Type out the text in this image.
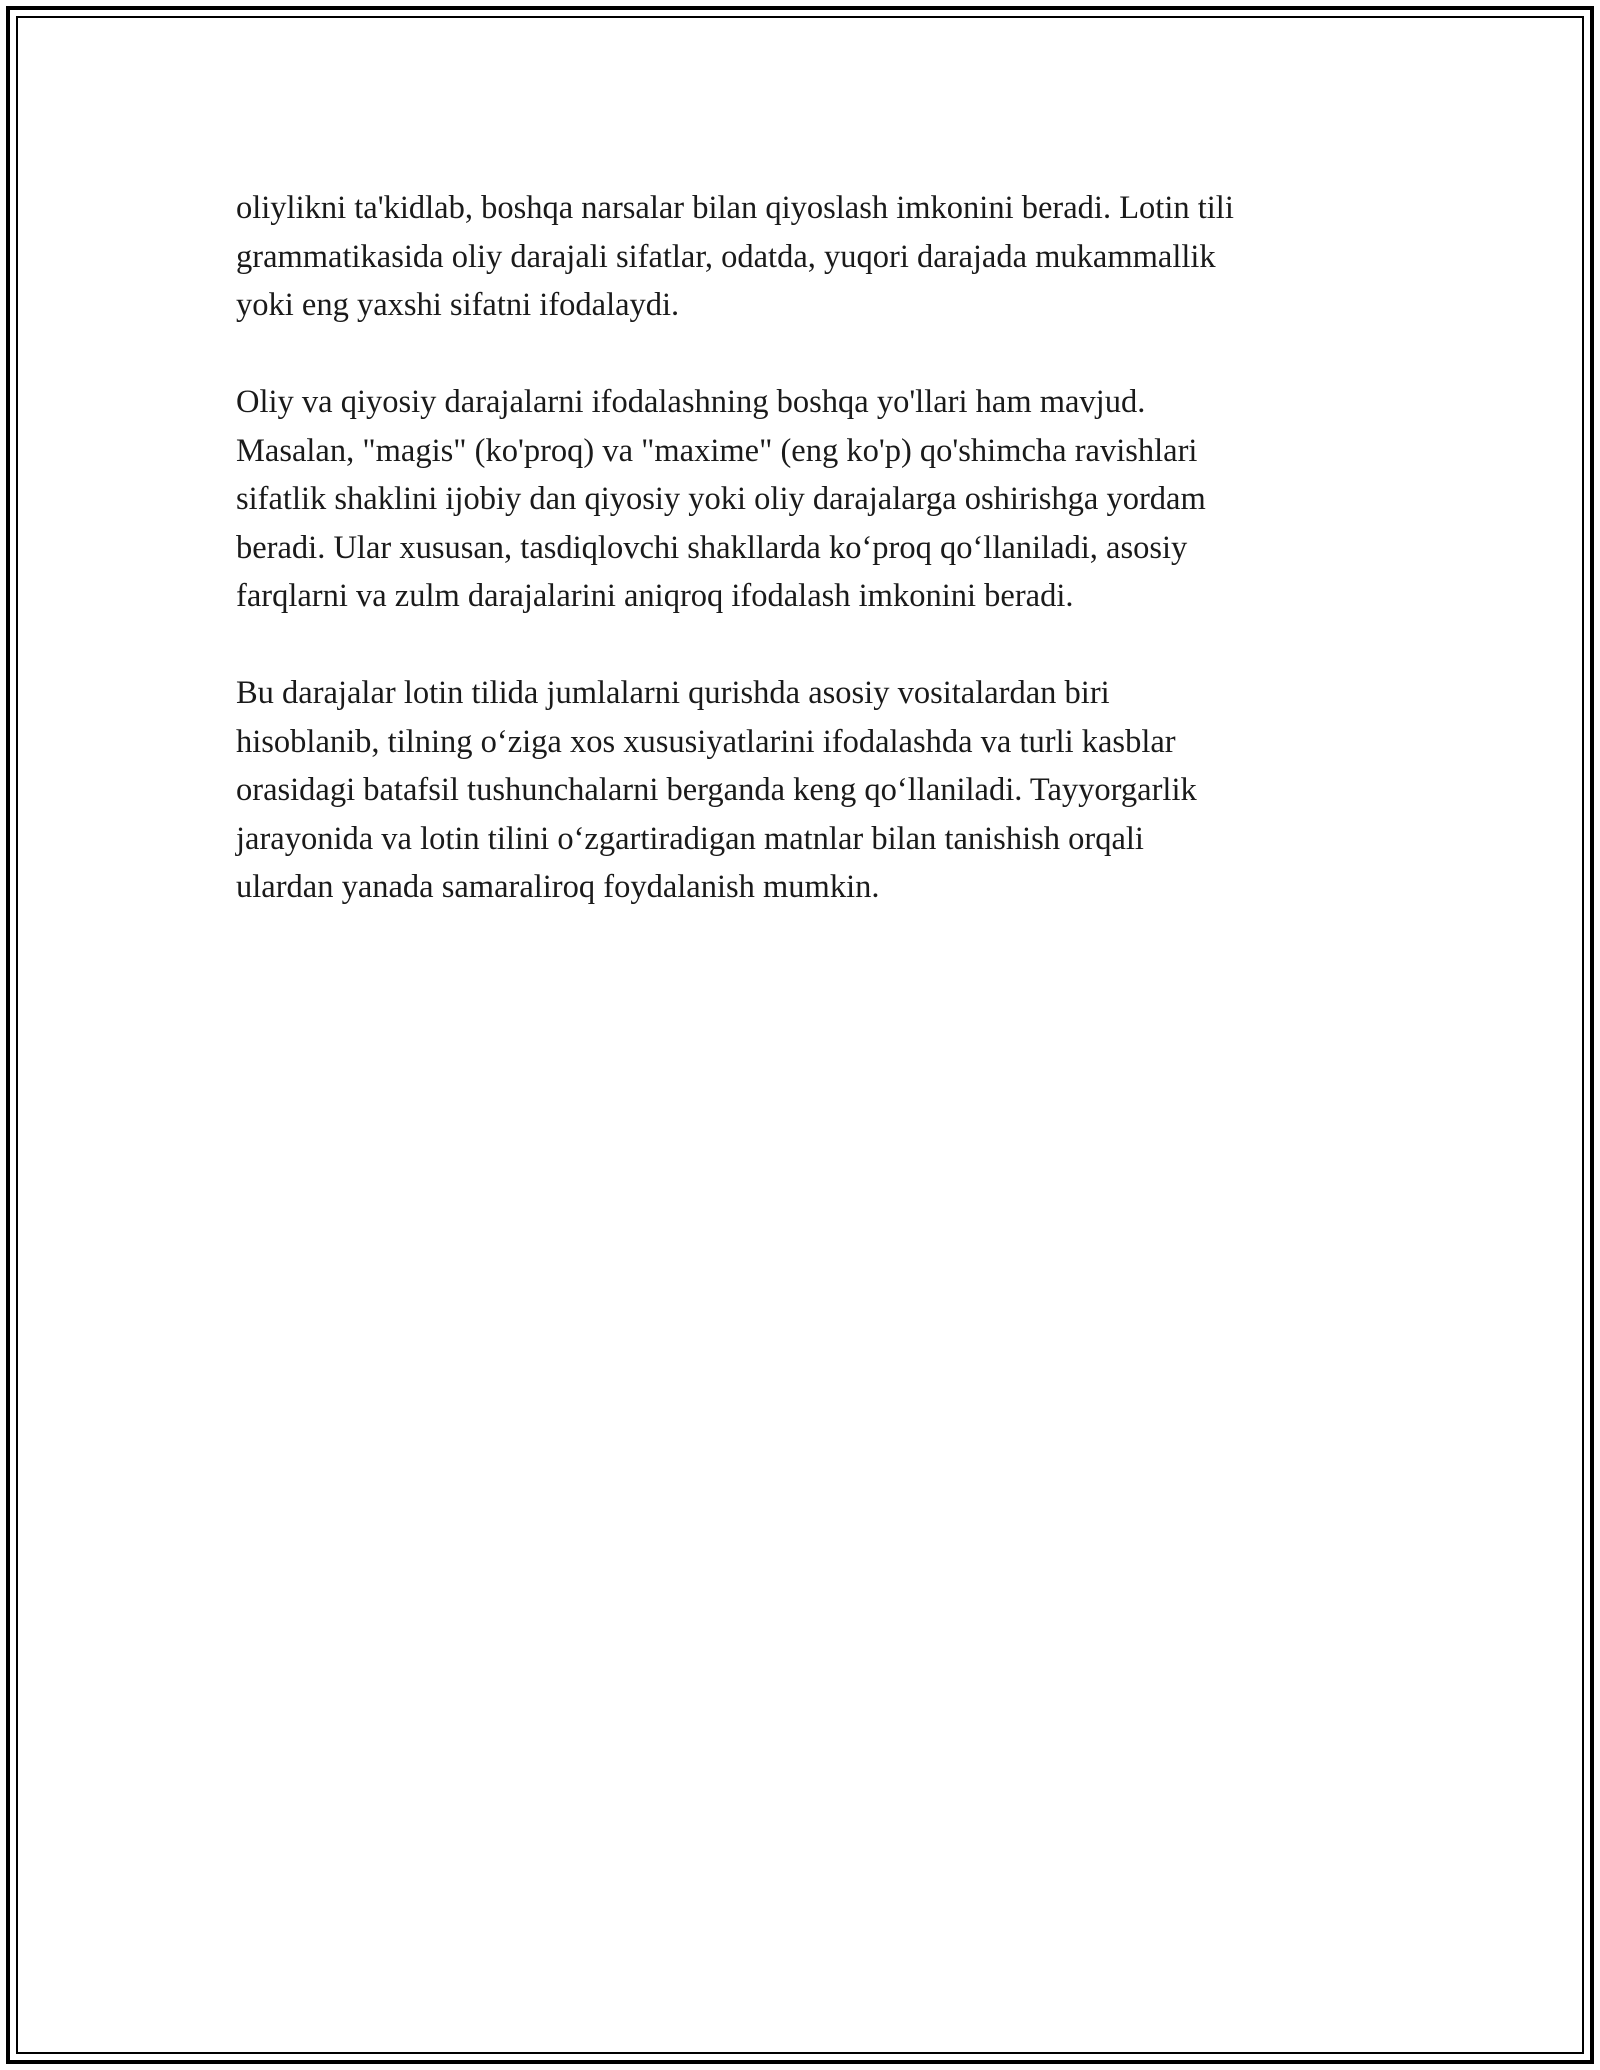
oliylikni ta'kidlab, boshqa narsalar bilan qiyoslash imkonini beradi. Lotin tili
grammatikasida oliy darajali sifatlar, odatda, yuqori darajada mukammallik
yoki eng yaxshi sifatni ifodalaydi.

Oliy va qiyosiy darajalarni ifodalashning boshqa yo'llari ham mavjud.
Masalan, "magis" (ko'proq) va "maxime" (eng ko'p) qo'shimcha ravishlari
sifatlik shaklini ijobiy dan qiyosiy yoki oliy darajalarga oshirishga yordam
beradi. Ular xususan, tasdiqlovchi shakllarda koʻproq qoʻllaniladi, asosiy
farqlarni va zulm darajalarini aniqroq ifodalash imkonini beradi.

Bu darajalar lotin tilida jumlalarni qurishda asosiy vositalardan biri
hisoblanib, tilning oʻziga xos xususiyatlarini ifodalashda va turli kasblar
orasidagi batafsil tushunchalarni berganda keng qoʻllaniladi. Tayyorgarlik
jarayonida va lotin tilini oʻzgartiradigan matnlar bilan tanishish orqali
ulardan yanada samaraliroq foydalanish mumkin.
